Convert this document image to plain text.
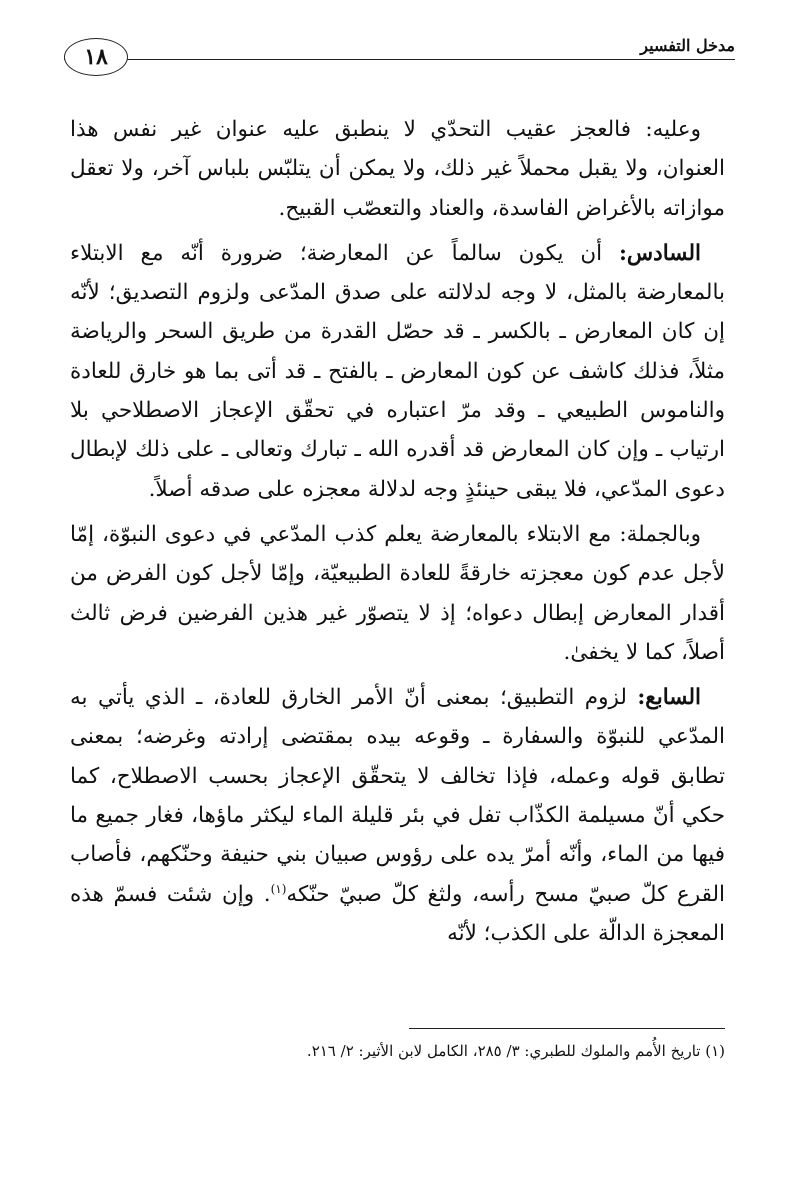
مدخل التفسير
١٨

وعليه: فالعجز عقيب التحدّي لا ينطبق عليه عنوان غير نفس هذا العنوان، ولا يقبل محملاً غير ذلك، ولا يمكن أن يتلبّس بلباس آخر، ولا تعقل موازاته بالأغراض الفاسدة، والعناد والتعصّب القبيح.

السادس: أن يكون سالماً عن المعارضة؛ ضرورة أنّه مع الابتلاء بالمعارضة بالمثل، لا وجه لدلالته على صدق المدّعى ولزوم التصديق؛ لأنّه إن كان المعارض ـ بالكسر ـ قد حصّل القدرة من طريق السحر والرياضة مثلاً، فذلك كاشف عن كون المعارض ـ بالفتح ـ قد أتى بما هو خارق للعادة والناموس الطبيعي ـ وقد مرّ اعتباره في تحقّق الإعجاز الاصطلاحي بلا ارتياب ـ وإن كان المعارض قد أقدره الله ـ تبارك وتعالى ـ على ذلك لإبطال دعوى المدّعي، فلا يبقى حينئذٍ وجه لدلالة معجزه على صدقه أصلاً.

وبالجملة: مع الابتلاء بالمعارضة يعلم كذب المدّعي في دعوى النبوّة، إمّا لأجل عدم كون معجزته خارقةً للعادة الطبيعيّة، وإمّا لأجل كون الفرض من أقدار المعارض إبطال دعواه؛ إذ لا يتصوّر غير هذين الفرضين فرض ثالث أصلاً، كما لا يخفىٰ.

السابع: لزوم التطبيق؛ بمعنى أنّ الأمر الخارق للعادة، ـ الذي يأتي به المدّعي للنبوّة والسفارة ـ وقوعه بيده بمقتضى إرادته وغرضه؛ بمعنى تطابق قوله وعمله، فإذا تخالف لا يتحقّق الإعجاز بحسب الاصطلاح، كما حكي أنّ مسيلمة الكذّاب تفل في بئر قليلة الماء ليكثر ماؤها، فغار جميع ما فيها من الماء، وأنّه أمرّ يده على رؤوس صبيان بني حنيفة وحنّكهم، فأصاب القرع كلّ صبيّ مسح رأسه، ولثغ كلّ صبيّ حنّكه$^{(١)}$. وإن شئت فسمّ هذه المعجزة الدالّة على الكذب؛ لأنّه

(١) تاريخ الأُمم والملوك للطبري: ٣/ ٢٨٥، الكامل لابن الأثير: ٢/ ٢١٦.
